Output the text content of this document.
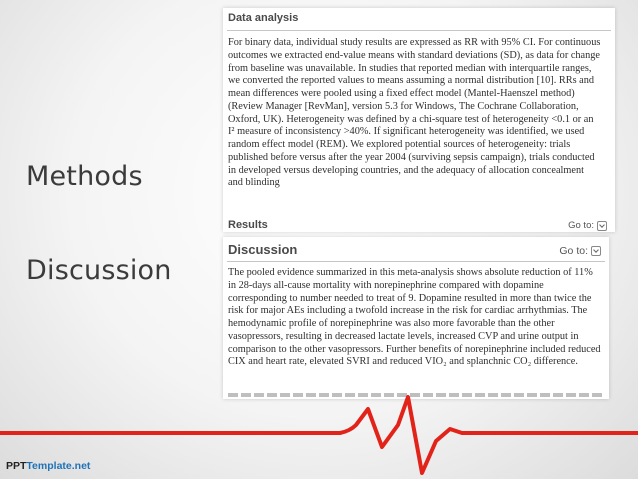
Methods
Discussion
Data analysis

For binary data, individual study results are expressed as RR with 95% CI. For continuous
outcomes we extracted end-value means with standard deviations (SD), as data for change
from baseline was unavailable. In studies that reported median with interquartile ranges,
we converted the reported values to means assuming a normal distribution [10]. RRs and
mean differences were pooled using a fixed effect model (Mantel-Haenszel method)
(Review Manager [RevMan], version 5.3 for Windows, The Cochrane Collaboration,
Oxford, UK). Heterogeneity was defined by a chi-square test of heterogeneity <0.1 or an
I² measure of inconsistency >40%. If significant heterogeneity was identified, we used
random effect model (REM). We explored potential sources of heterogeneity: trials
published before versus after the year 2004 (surviving sepsis campaign), trials conducted
in developed versus developing countries, and the adequacy of allocation concealment
and blinding

Results	Go to:
Discussion	Go to:

The pooled evidence summarized in this meta-analysis shows absolute reduction of 11%
in 28-days all-cause mortality with norepinephrine compared with dopamine
corresponding to number needed to treat of 9. Dopamine resulted in more than twice the
risk for major AEs including a twofold increase in the risk for cardiac arrhythmias. The
hemodynamic profile of norepinephrine was also more favorable than the other
vasopressors, resulting in decreased lactate levels, increased CVP and urine output in
comparison to the other vasopressors. Further benefits of norepinephrine included reduced
CIX and heart rate, elevated SVRI and reduced VIO₂ and splanchnic CO₂ difference.

PPTTemplate.net
